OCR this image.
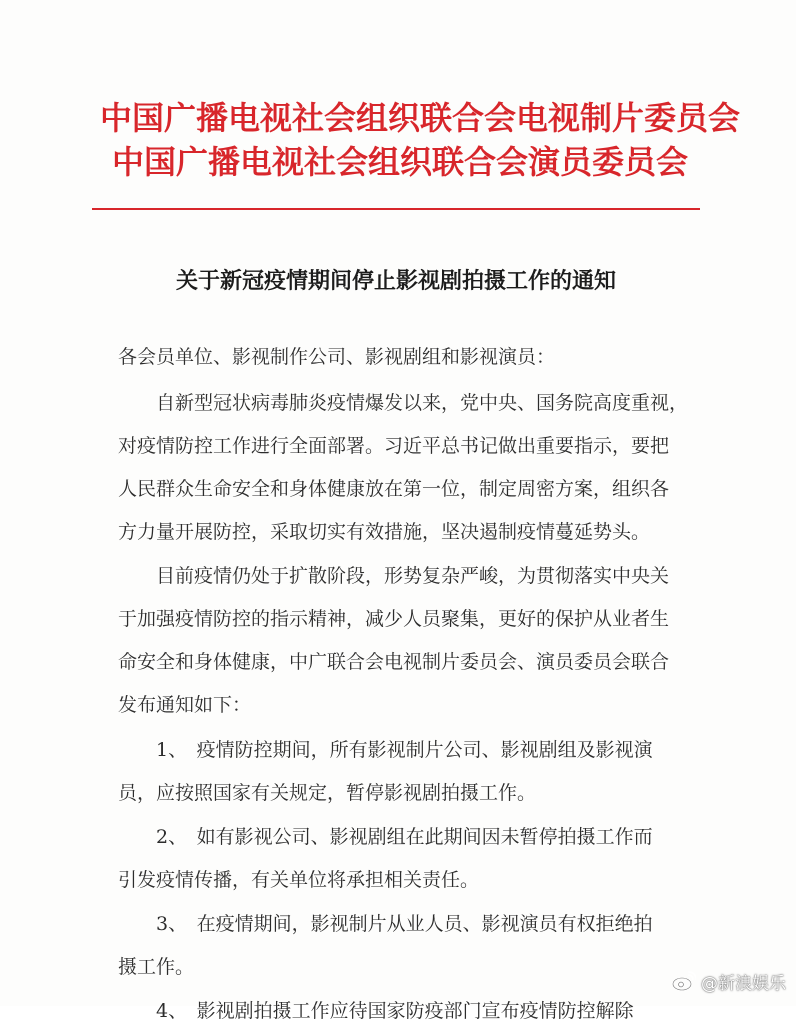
中国广播电视社会组织联合会电视制片委员会
中国广播电视社会组织联合会演员委员会
关于新冠疫情期间停止影视剧拍摄工作的通知
各会员单位、影视制作公司、影视剧组和影视演员：
　　自新型冠状病毒肺炎疫情爆发以来，党中央、国务院高度重视，
对疫情防控工作进行全面部署。习近平总书记做出重要指示，要把
人民群众生命安全和身体健康放在第一位，制定周密方案，组织各
方力量开展防控，采取切实有效措施，坚决遏制疫情蔓延势头。
　　目前疫情仍处于扩散阶段，形势复杂严峻，为贯彻落实中央关
于加强疫情防控的指示精神，减少人员聚集，更好的保护从业者生
命安全和身体健康，中广联合会电视制片委员会、演员委员会联合
发布通知如下：
　　1、　疫情防控期间，所有影视制片公司、影视剧组及影视演
员，应按照国家有关规定，暂停影视剧拍摄工作。
　　2、　如有影视公司、影视剧组在此期间因未暂停拍摄工作而
引发疫情传播，有关单位将承担相关责任。
　　3、　在疫情期间，影视制片从业人员、影视演员有权拒绝拍
摄工作。
　　4、　影视剧拍摄工作应待国家防疫部门宣布疫情防控解除
@新浪娱乐
